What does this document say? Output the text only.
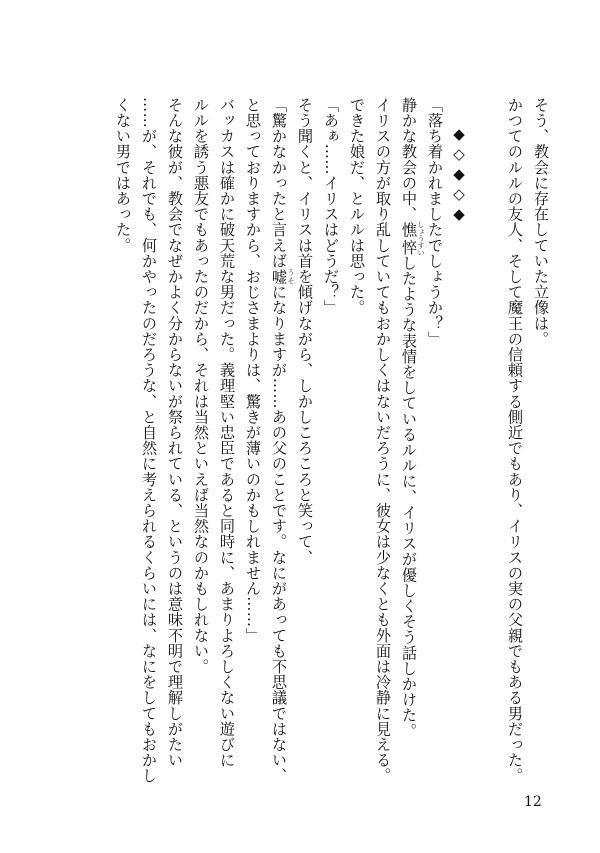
そう、教会に存在していた立像は。
かつてのルルの友人、そして魔王の信頼する側近でもあり、イリスの実の父親でもある男だった。
◆◇◆◇◆
「落ち着かれましたでしょうか？」
静かな教会の中、憔悴 しょうすいしたような表情をしているルルに、イリスが優しくそう話しかけた。
イリスの方が取り乱していてもおかしくはないだろうに、彼女は少なくとも外面は冷静に見える。
できた娘だ、とルルは思った。
「あぁ……イリスはどうだ？」
そう聞くと、イリスは首を傾げながら、しかしころころと笑って、
「驚かなかったと言えば嘘 うそになりますが……あの父のことです。なにがあっても不思議ではない、
と思っておりますから、おじさまよりは、驚きが薄いのかもしれません……」
バッカスは確かに破天荒な男だった。義理堅い忠臣であると同時に、あまりよろしくない遊びに
ルルを誘う悪友でもあったのだから、それは当然といえば当然なのかもしれない。
そんな彼が、教会でなぜかよく分からないが祭られている、というのは意味不明で理解しがたい
……が、それでも、何かやったのだろうな、と自然に考えられるくらいには、なにをしてもおかし
くない男ではあった。
12
